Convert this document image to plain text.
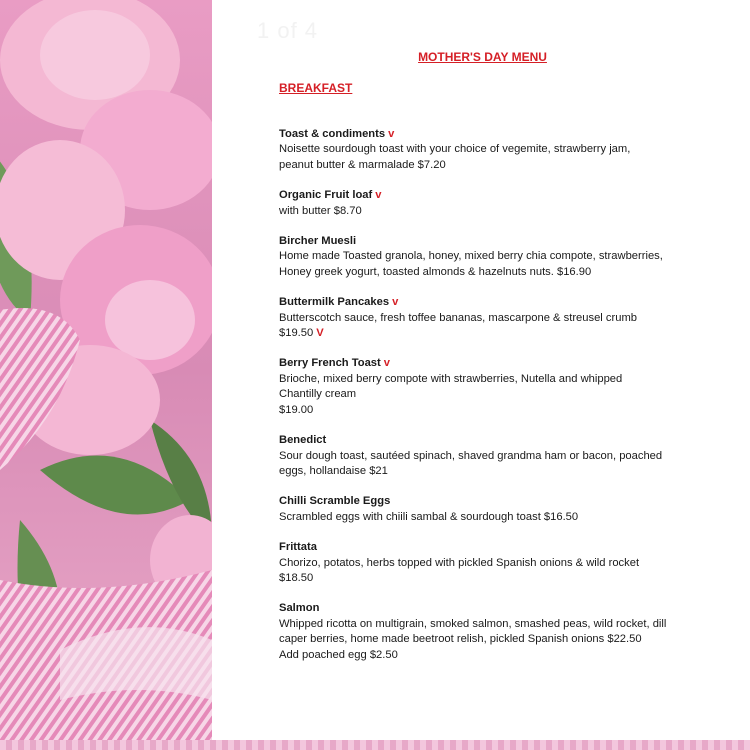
1 of 4
MOTHER'S DAY MENU
BREAKFAST
Toast & condiments v
Noisette sourdough toast with your choice of vegemite, strawberry jam,
peanut butter & marmalade $7.20
Organic Fruit loaf v
with butter $8.70
Bircher Muesli
Home made Toasted granola, honey, mixed berry chia compote, strawberries,
Honey greek yogurt, toasted almonds & hazelnuts nuts. $16.90
Buttermilk Pancakes v
Butterscotch sauce, fresh toffee bananas, mascarpone & streusel crumb
$19.50 V
Berry French Toast v
Brioche, mixed berry compote with strawberries, Nutella and whipped
Chantilly cream
$19.00
Benedict
Sour dough toast, sautéed spinach, shaved grandma ham or bacon, poached
eggs, hollandaise $21
Chilli Scramble Eggs
Scrambled eggs with chiili sambal & sourdough toast $16.50
Frittata
Chorizo, potatos, herbs topped with pickled Spanish onions & wild rocket
$18.50
Salmon
Whipped ricotta on multigrain, smoked salmon, smashed peas, wild rocket, dill
caper berries, home made beetroot relish, pickled Spanish onions $22.50
Add poached egg $2.50
